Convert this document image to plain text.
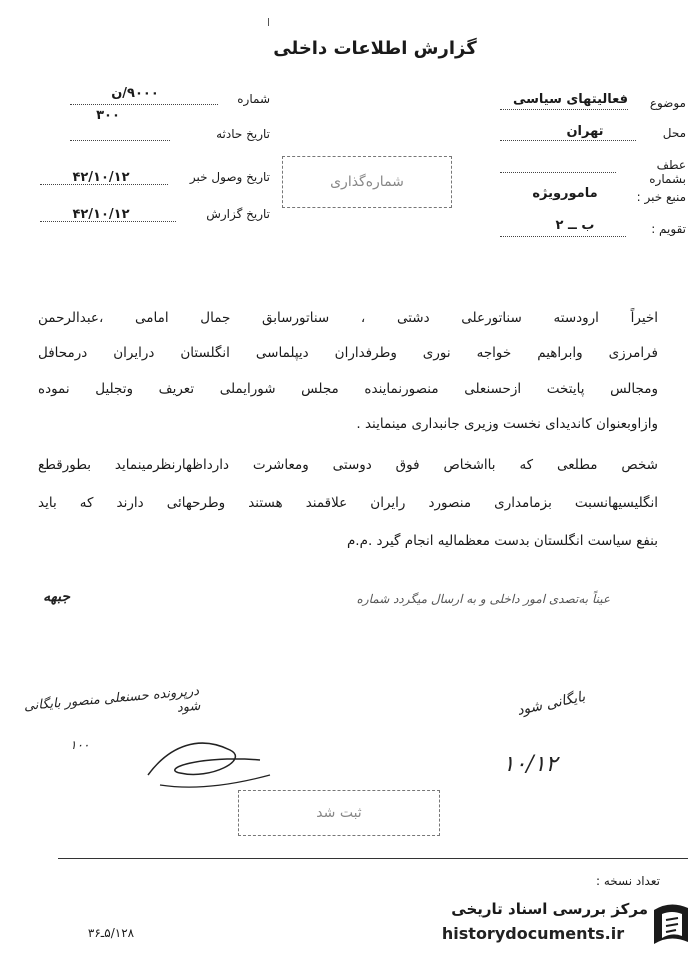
گزارش اطلاعات داخلی
شماره
۹۰۰۰/ن
۳۰۰
تاریخ حادثه
تاریخ وصول خبر
۴۲/۱۰/۱۲
تاریخ گزارش
۴۲/۱۰/۱۲
شماره‌گذاری
موضوع
فعالیتهای سیاسی
محل
تهران
عطف بشماره
منبع خبر :
مامورویژه
تقویم :
ب ــ ۲
اخیراً ارودسته سناتورعلی دشتی ، سناتورسابق جمال امامی ،عبدالرحمن
فرامرزی وابراهیم خواجه نوری وطرفداران دیپلماسی انگلستان درایران درمحافل
ومجالس پایتخت ازحسنعلی منصورنماینده مجلس شورایملی تعریف وتجلیل نموده
وازاوبعنوان کاندیدای نخست وزیری جانبداری مینمایند .
شخص مطلعی که بااشخاص فوق دوستی ومعاشرت دارداظهارنظرمینماید بطورقطع
انگلیسیهانسبت بزمامداری منصورد رایران علاقمند هستند وطرحهائی دارند که باید
بنفع سیاست انگلستان بدست معظمالیه انجام گیرد .م.م
عیناً به‌تصدی امور داخلی و به ارسال میگردد شماره
جبهه
درپرونده حسنعلی منصور بایگانی شود
۱۰۰
بایگانی شود
۱۰/۱۲
ثبت شد
تعداد نسخه :
۵/۱۲۸ـ۳۶
مرکز بررسی اسناد تاریخی
historydocuments.ir
